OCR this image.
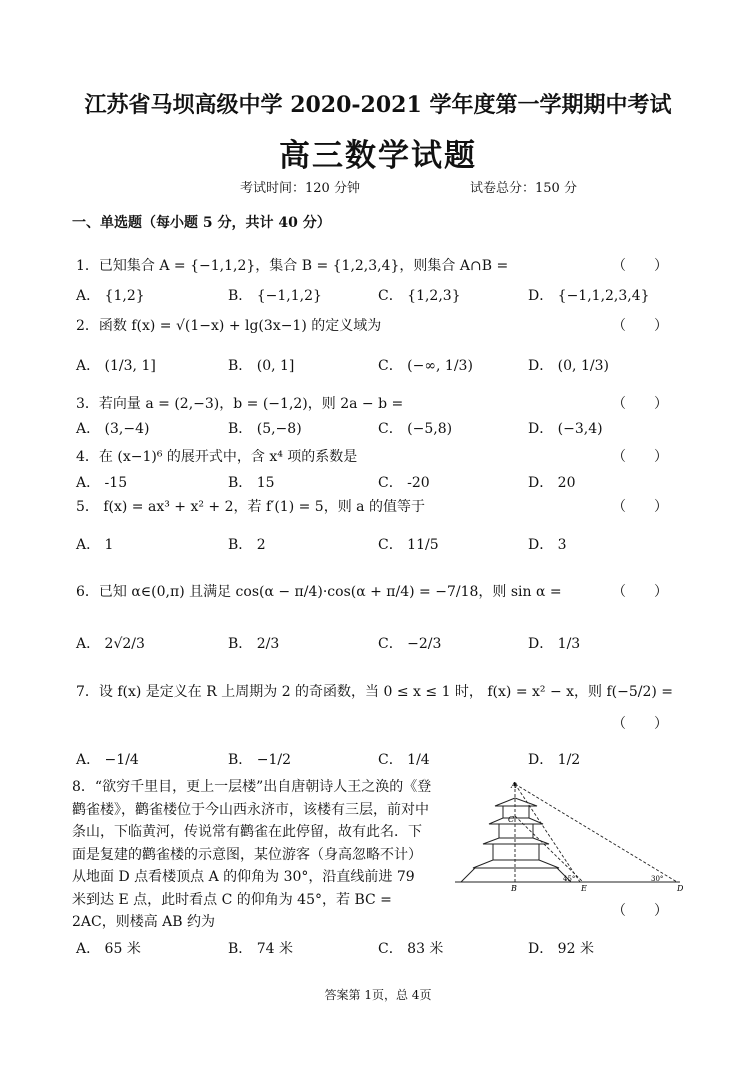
江苏省马坝高级中学 2020-2021 学年度第一学期期中考试
高三数学试题
考试时间：120 分钟	试卷总分：150 分
一、单选题（每小题 5 分，共计 40 分）
1．已知集合 A = {−1,1,2}，集合 B = {1,2,3,4}，则集合 A∩B =	（　　）
A． {1,2}	B． {−1,1,2}	C． {1,2,3}	D． {−1,1,2,3,4}
2．函数 f(x) = √(1−x) + lg(3x−1) 的定义域为	（　　）
A． (1/3, 1]	B． (0, 1]	C． (−∞, 1/3)	D． (0, 1/3)
3．若向量 a = (2,−3)，b = (−1,2)，则 2a − b =	（　　）
A． (3,−4)	B． (5,−8)	C． (−5,8)	D． (−3,4)
4．在 (x−1)⁶ 的展开式中，含 x⁴ 项的系数是	（　　）
A． -15	B． 15	C． -20	D． 20
5． f(x) = ax³ + x² + 2，若 f′(1) = 5，则 a 的值等于	（　　）
A． 1	B． 2	C． 11/5	D． 3
6．已知 α∈(0,π) 且满足 cos(α − π/4)·cos(α + π/4) = −7/18，则 sin α =	（　　）
A． 2√2/3	B． 2/3	C． −2/3	D． 1/3
7．设 f(x) 是定义在 R 上周期为 2 的奇函数，当 0 ≤ x ≤ 1 时， f(x) = x² − x，则 f(−5/2) =
（　　）
A． −1/4	B． −1/2	C． 1/4	D． 1/2
8．“欲穷千里目，更上一层楼”出自唐朝诗人王之涣的《登鹳雀楼》，鹳雀楼位于今山西永济市，该楼有三层，前对中条山，下临黄河，传说常有鹳雀在此停留，故有此名．下面是复建的鹳雀楼的示意图，某位游客（身高忽略不计）从地面 D 点看楼顶点 A 的仰角为 30°，沿直线前进 79 米到达 E 点，此时看点 C 的仰角为 45°，若 BC = 2AC，则楼高 AB 约为
（　　）
A． 65 米	B． 74 米	C． 83 米	D． 92 米
A
C
B	E	D
45°	30°
答案第 1页，总 4页
